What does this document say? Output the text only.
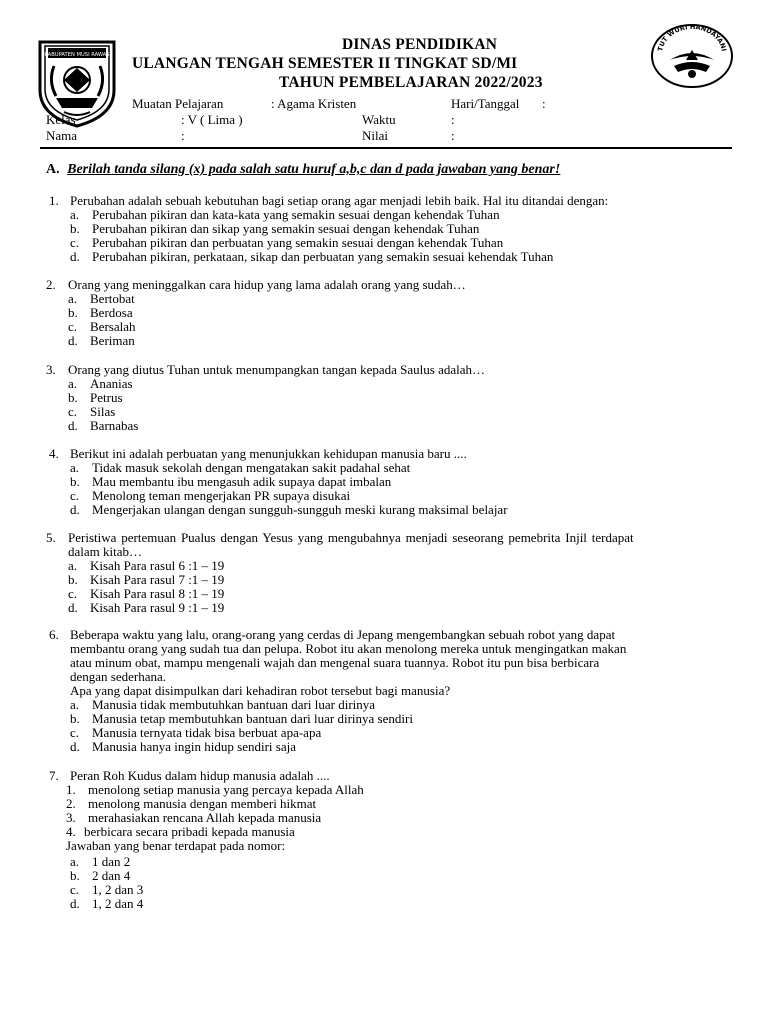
KABUPATEN MUSI RAWAS
DINAS PENDIDIKAN
ULANGAN TENGAH SEMESTER II TINGKAT SD/MI
TAHUN PEMBELAJARAN 2022/2023
TUT WURI HANDAYANI
Muatan Pelajaran	: Agama Kristen	Hari/Tanggal :
Kelas	: V ( Lima )	Waktu	:
Nama	:	Nilai	:
A. Berilah tanda silang (x) pada salah satu huruf a,b,c dan d pada jawaban yang benar!
1. Perubahan adalah sebuah kebutuhan bagi setiap orang agar menjadi lebih baik. Hal itu ditandai dengan:
a. Perubahan pikiran dan kata-kata yang semakin sesuai dengan kehendak Tuhan
b. Perubahan pikiran dan sikap yang semakin sesuai dengan kehendak Tuhan
c. Perubahan pikiran dan perbuatan yang semakin sesuai dengan kehendak Tuhan
d. Perubahan pikiran, perkataan, sikap dan perbuatan yang semakin sesuai kehendak Tuhan
2. Orang yang meninggalkan cara hidup yang lama adalah orang yang sudah…
a. Bertobat
b. Berdosa
c. Bersalah
d. Beriman
3. Orang yang diutus Tuhan untuk menumpangkan tangan kepada Saulus adalah…
a. Ananias
b. Petrus
c. Silas
d. Barnabas
4. Berikut ini adalah perbuatan yang menunjukkan kehidupan manusia baru ....
a. Tidak masuk sekolah dengan mengatakan sakit padahal sehat
b. Mau membantu ibu mengasuh adik supaya dapat imbalan
c. Menolong teman mengerjakan PR supaya disukai
d. Mengerjakan ulangan dengan sungguh-sungguh meski kurang maksimal belajar
5. Peristiwa pertemuan Pualus dengan Yesus yang mengubahnya menjadi seseorang pemebrita Injil terdapat
dalam kitab…
a. Kisah Para rasul 6 :1 – 19
b. Kisah Para rasul 7 :1 – 19
c. Kisah Para rasul 8 :1 – 19
d. Kisah Para rasul 9 :1 – 19
6. Beberapa waktu yang lalu, orang-orang yang cerdas di Jepang mengembangkan sebuah robot yang dapat
membantu orang yang sudah tua dan pelupa. Robot itu akan menolong mereka untuk mengingatkan makan
atau minum obat, mampu mengenali wajah dan mengenal suara tuannya. Robot itu pun bisa berbicara
dengan sederhana.
Apa yang dapat disimpulkan dari kehadiran robot tersebut bagi manusia?
a. Manusia tidak membutuhkan bantuan dari luar dirinya
b. Manusia tetap membutuhkan bantuan dari luar dirinya sendiri
c. Manusia ternyata tidak bisa berbuat apa-apa
d. Manusia hanya ingin hidup sendiri saja
7. Peran Roh Kudus dalam hidup manusia adalah ....
1. menolong setiap manusia yang percaya kepada Allah
2. menolong manusia dengan memberi hikmat
3. merahasiakan rencana Allah kepada manusia
4. berbicara secara pribadi kepada manusia
Jawaban yang benar terdapat pada nomor:
a. 1 dan 2
b. 2 dan 4
c. 1, 2 dan 3
d. 1, 2 dan 4
